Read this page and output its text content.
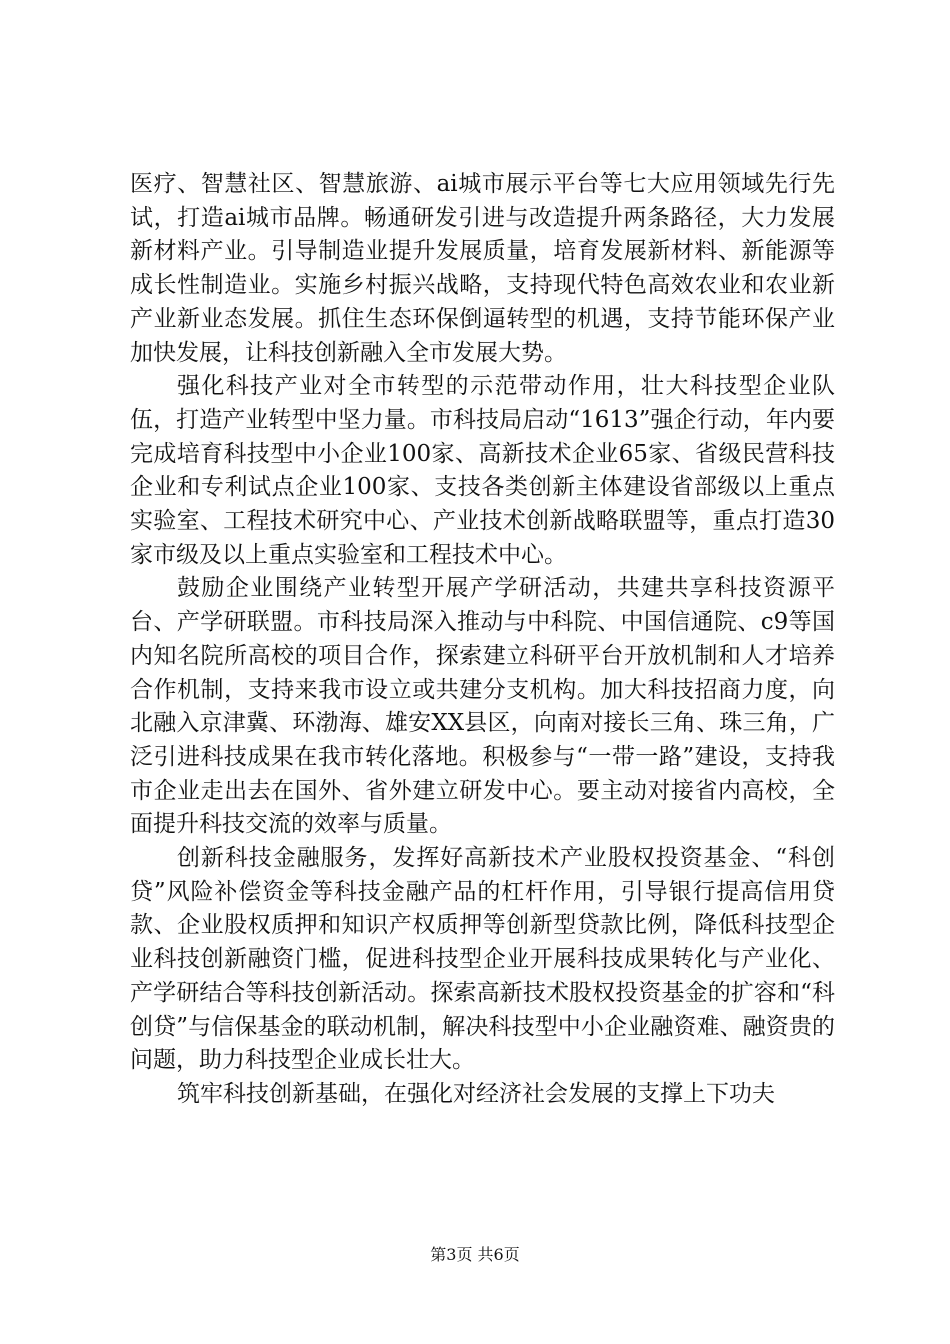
医疗、智慧社区、智慧旅游、ai城市展示平台等七大应用领域先行先试，打造ai城市品牌。畅通研发引进与改造提升两条路径，大力发展新材料产业。引导制造业提升发展质量，培育发展新材料、新能源等成长性制造业。实施乡村振兴战略，支持现代特色高效农业和农业新产业新业态发展。抓住生态环保倒逼转型的机遇，支持节能环保产业加快发展，让科技创新融入全市发展大势。

强化科技产业对全市转型的示范带动作用，壮大科技型企业队伍，打造产业转型中坚力量。市科技局启动“1613”强企行动，年内要完成培育科技型中小企业100家、高新技术企业65家、省级民营科技企业和专利试点企业100家、支技各类创新主体建设省部级以上重点实验室、工程技术研究中心、产业技术创新战略联盟等，重点打造30家市级及以上重点实验室和工程技术中心。

鼓励企业围绕产业转型开展产学研活动，共建共享科技资源平台、产学研联盟。市科技局深入推动与中科院、中国信通院、c9等国内知名院所高校的项目合作，探索建立科研平台开放机制和人才培养合作机制，支持来我市设立或共建分支机构。加大科技招商力度，向北融入京津冀、环渤海、雄安XX县区，向南对接长三角、珠三角，广泛引进科技成果在我市转化落地。积极参与“一带一路”建设，支持我市企业走出去在国外、省外建立研发中心。要主动对接省内高校，全面提升科技交流的效率与质量。

创新科技金融服务，发挥好高新技术产业股权投资基金、“科创贷”风险补偿资金等科技金融产品的杠杆作用，引导银行提高信用贷款、企业股权质押和知识产权质押等创新型贷款比例，降低科技型企业科技创新融资门槛，促进科技型企业开展科技成果转化与产业化、产学研结合等科技创新活动。探索高新技术股权投资基金的扩容和“科创贷”与信保基金的联动机制，解决科技型中小企业融资难、融资贵的问题，助力科技型企业成长壮大。

筑牢科技创新基础，在强化对经济社会发展的支撑上下功夫

第3页 共6页
